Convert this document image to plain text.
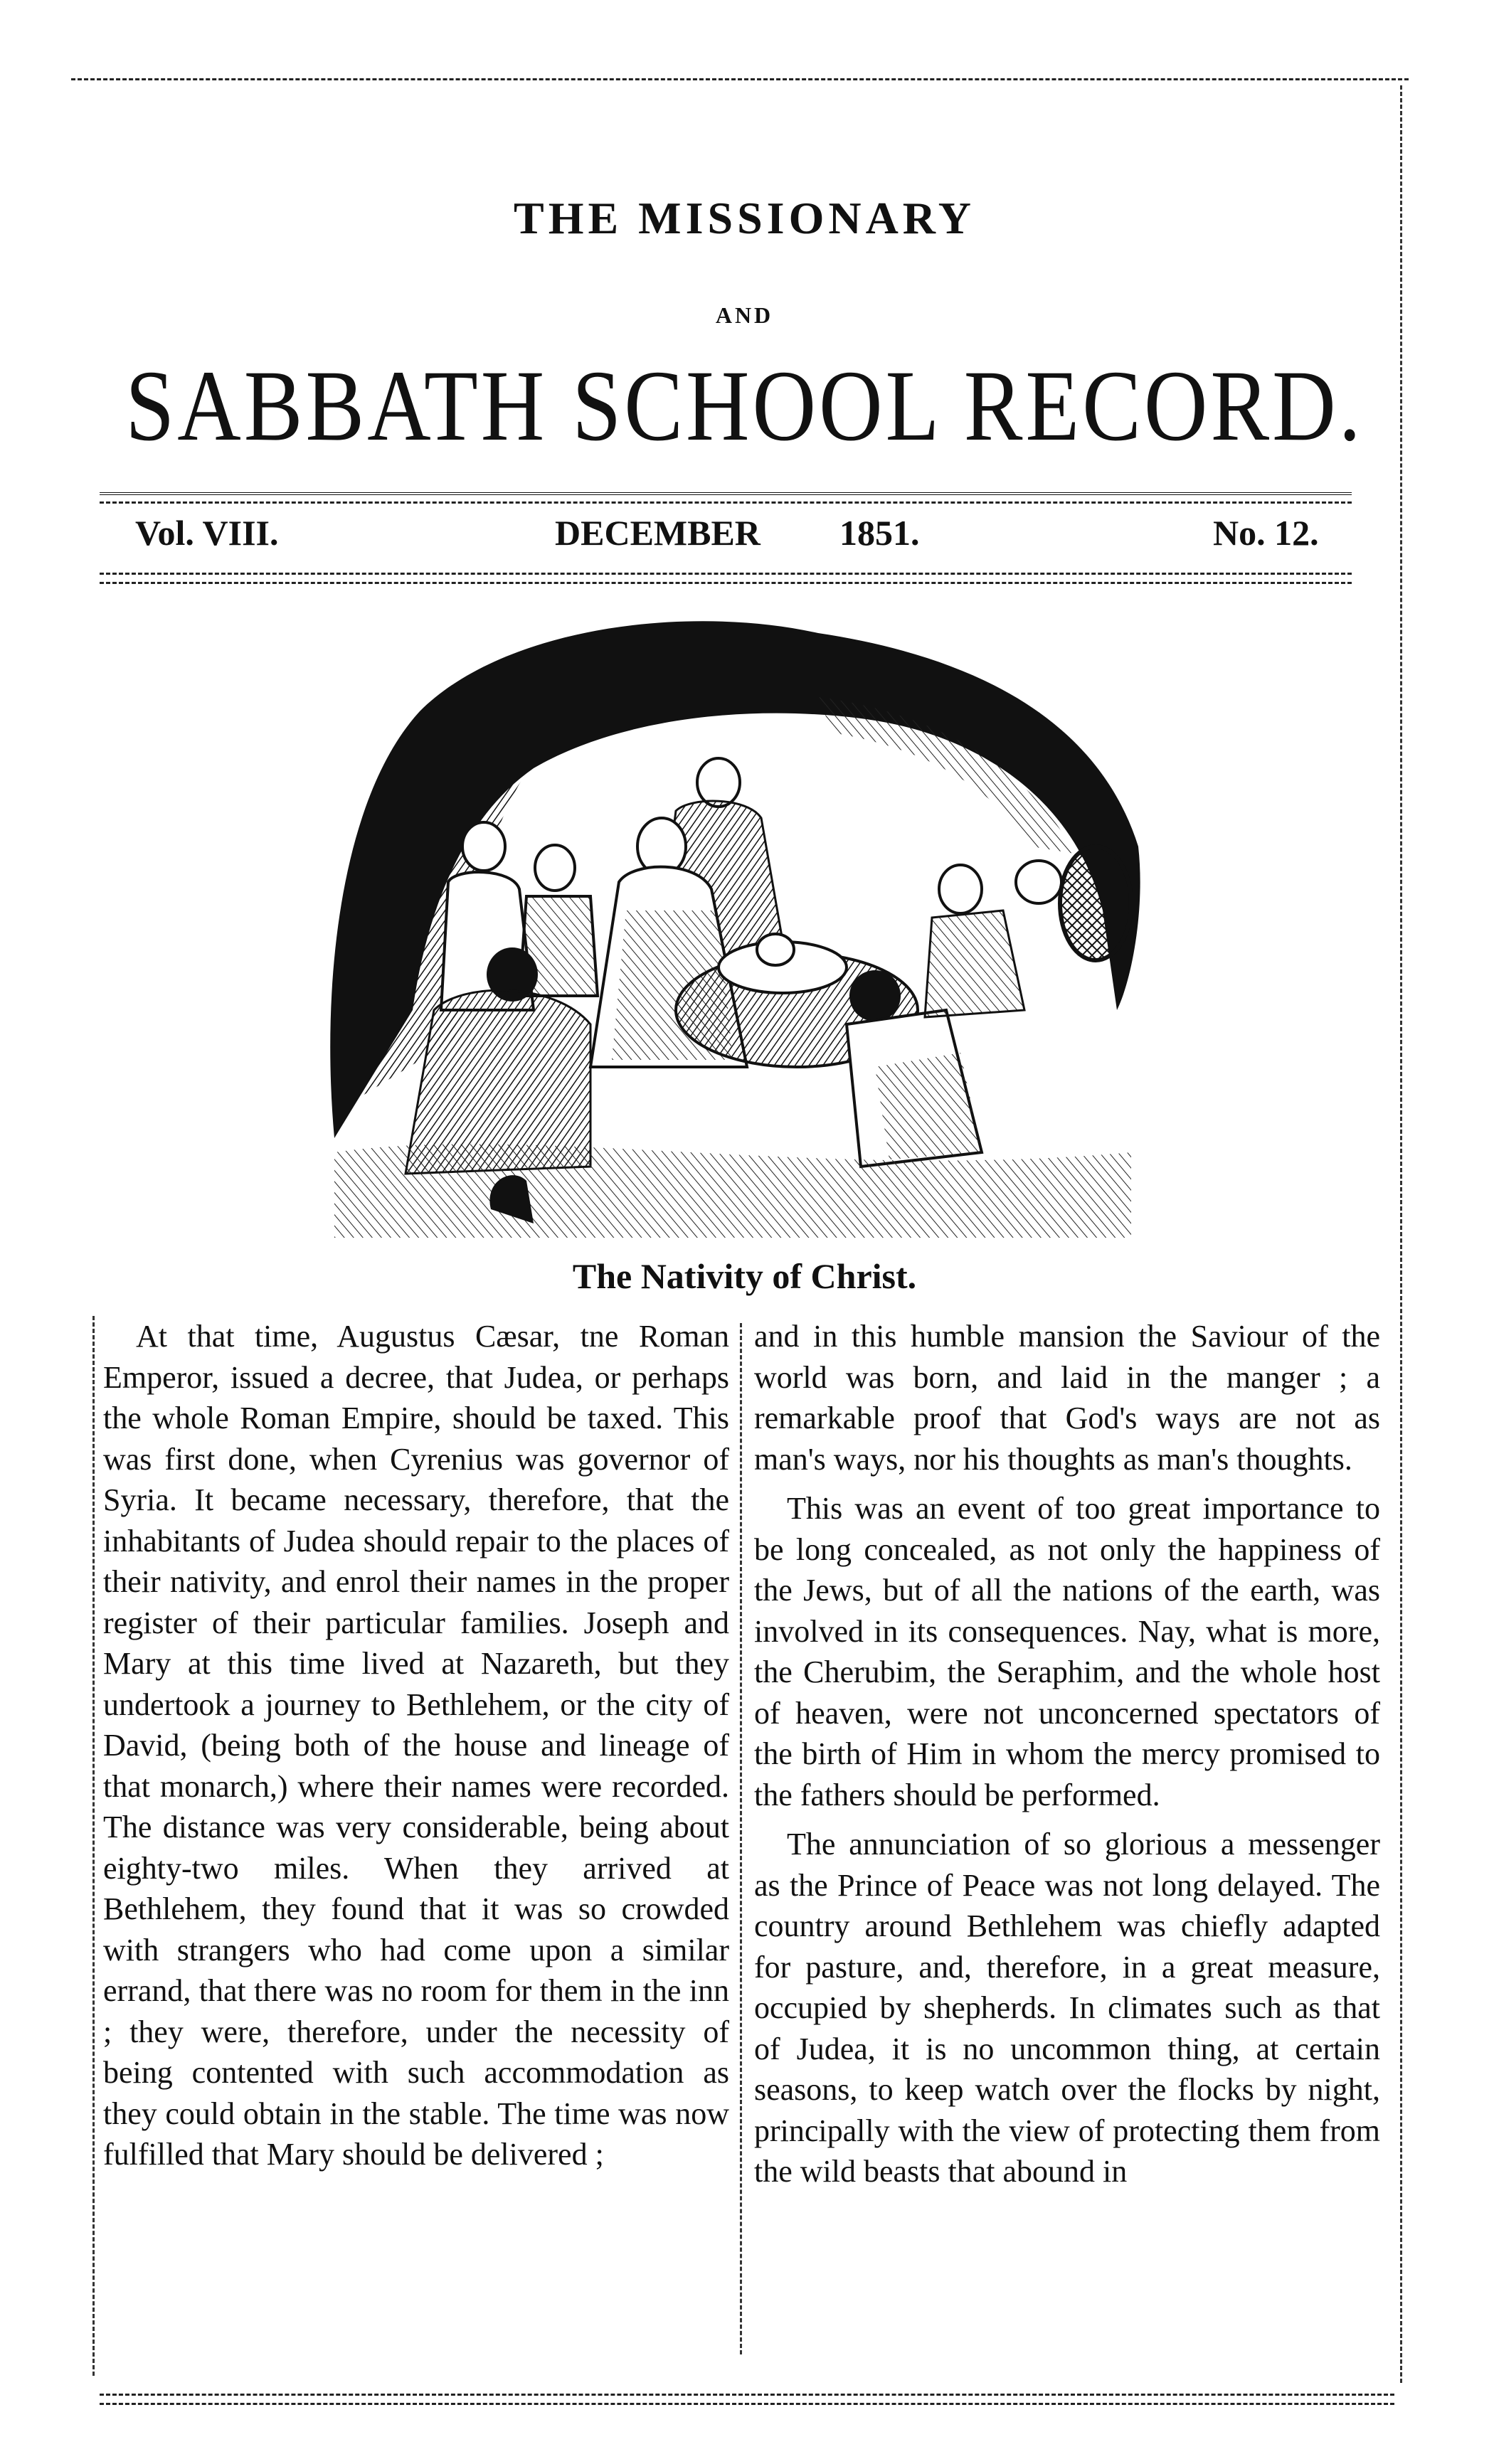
THE MISSIONARY
AND
SABBATH SCHOOL RECORD.
Vol. VIII.	DECEMBER 1851.	No. 12.
The Nativity of Christ.

At that time, Augustus Cæsar, tne Roman Emperor, issued a decree, that Judea, or perhaps the whole Roman Empire, should be taxed. This was first done, when Cyrenius was governor of Syria. It became necessary, therefore, that the inhabitants of Judea should repair to the places of their nativity, and enrol their names in the proper register of their particular families. Joseph and Mary at this time lived at Nazareth, but they undertook a journey to Bethlehem, or the city of David, (being both of the house and lineage of that monarch,) where their names were recorded. The distance was very considerable, being about eighty-two miles. When they arrived at Bethlehem, they found that it was so crowded with strangers who had come upon a similar errand, that there was no room for them in the inn ; they were, therefore, under the necessity of being contented with such accommodation as they could obtain in the stable. The time was now fulfilled that Mary should be delivered ;

and in this humble mansion the Saviour of the world was born, and laid in the manger ; a remarkable proof that God's ways are not as man's ways, nor his thoughts as man's thoughts.

This was an event of too great importance to be long concealed, as not only the happiness of the Jews, but of all the nations of the earth, was involved in its consequences. Nay, what is more, the Cherubim, the Seraphim, and the whole host of heaven, were not unconcerned spectators of the birth of Him in whom the mercy promised to the fathers should be performed.

The annunciation of so glorious a messenger as the Prince of Peace was not long delayed. The country around Bethlehem was chiefly adapted for pasture, and, therefore, in a great measure, occupied by shepherds. In climates such as that of Judea, it is no uncommon thing, at certain seasons, to keep watch over the flocks by night, principally with the view of protecting them from the wild beasts that abound in
